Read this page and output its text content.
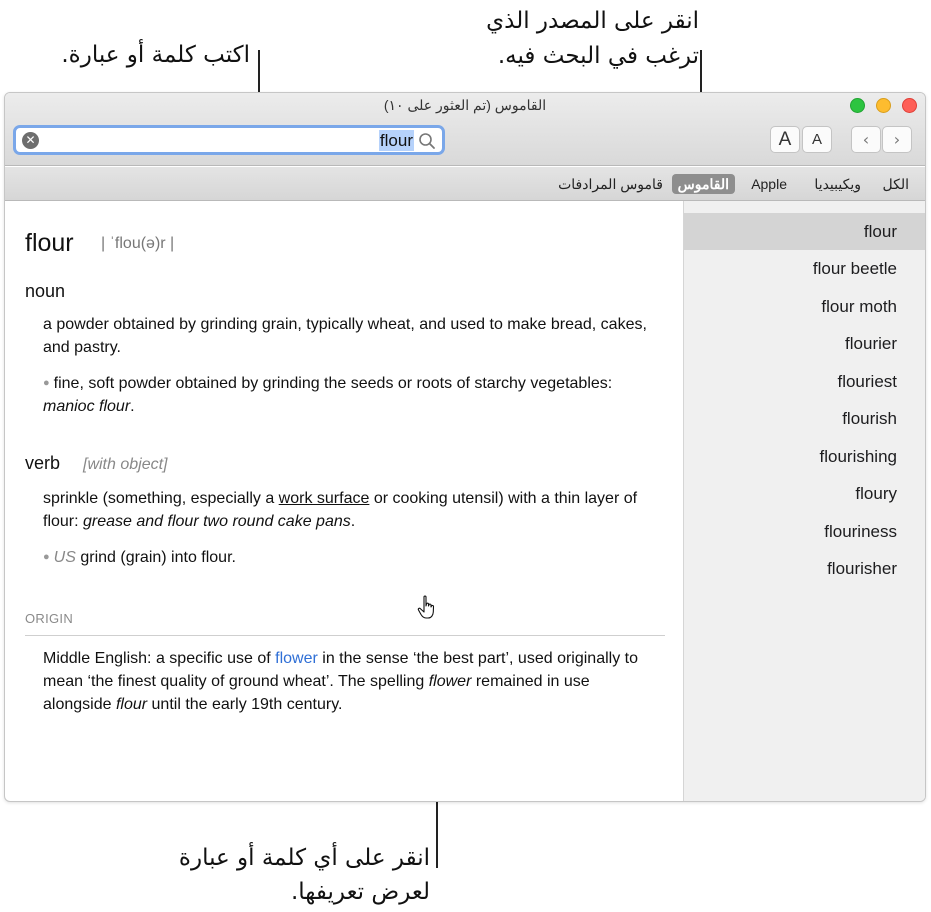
اكتب كلمة أو عبارة.
انقر على المصدر الذي
ترغب في البحث فيه.
انقر على أي كلمة أو عبارة
لعرض تعريفها.
القاموس (تم العثور على ١٠)
✕	flour	A	A	‹	›
الكل
ويكيبيديا
Apple
القاموس
قاموس المرادفات
flour | ˈflou(ə)r |
noun
a powder obtained by grinding grain, typically wheat, and used to make bread, cakes, and pastry.
● fine, soft powder obtained by grinding the seeds or roots of starchy vegetables: manioc flour.
verb [with object]
sprinkle (something, especially a work surface or cooking utensil) with a thin layer of flour: grease and flour two round cake pans.
● US grind (grain) into flour.
ORIGIN
Middle English: a specific use of flower in the sense ‘the best part’, used originally to mean ‘the finest quality of ground wheat’. The spelling flower remained in use alongside flour until the early 19th century.
flour
flour beetle
flour moth
flourier
flouriest
flourish
flourishing
floury
flouriness
flourisher
